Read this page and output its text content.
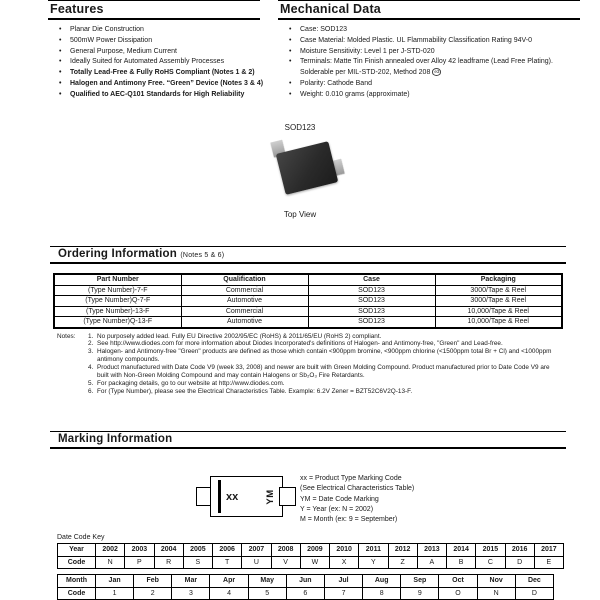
Features
•	Planar Die Construction
•	500mW Power Dissipation
•	General Purpose, Medium Current
•	Ideally Suited for Automated Assembly Processes
•	Totally Lead-Free & Fully RoHS Compliant (Notes 1 & 2)
•	Halogen and Antimony Free. “Green” Device (Notes 3 & 4)
•	Qualified to AEC-Q101 Standards for High Reliability
Mechanical Data
•	Case: SOD123
•	Case Material: Molded Plastic. UL Flammability Classification Rating 94V-0
•	Moisture Sensitivity: Level 1 per J-STD-020
•	Terminals: Matte Tin Finish annealed over Alloy 42 leadframe (Lead Free Plating). Solderable per MIL-STD-202, Method 208 e3
•	Polarity: Cathode Band
•	Weight: 0.010 grams (approximate)
SOD123
Top View
Ordering Information (Notes 5 & 6)
Part Number	Qualification	Case	Packaging
(Type Number)-7-F	Commercial	SOD123	3000/Tape & Reel
(Type Number)Q-7-F	Automotive	SOD123	3000/Tape & Reel
(Type Number)-13-F	Commercial	SOD123	10,000/Tape & Reel
(Type Number)Q-13-F	Automotive	SOD123	10,000/Tape & Reel
Notes:	1. No purposely added lead. Fully EU Directive 2002/95/EC (RoHS) & 2011/65/EU (RoHS 2) compliant.
2. See http://www.diodes.com for more information about Diodes Incorporated's definitions of Halogen- and Antimony-free, "Green" and Lead-free.
3. Halogen- and Antimony-free "Green" products are defined as those which contain <900ppm bromine, <900ppm chlorine (<1500ppm total Br + Cl) and <1000ppm antimony compounds.
4. Product manufactured with Date Code V9 (week 33, 2008) and newer are built with Green Molding Compound. Product manufactured prior to Date Code V9 are built with Non-Green Molding Compound and may contain Halogens or Sb₂O₃ Fire Retardants.
5. For packaging details, go to our website at http://www.diodes.com.
6. For (Type Number), please see the Electrical Characteristics Table. Example: 6.2V Zener = BZT52C6V2Q-13-F.
Marking Information
xx	YM
xx = Product Type Marking Code
(See Electrical Characteristics Table)
YM = Date Code Marking
Y = Year (ex: N = 2002)
M = Month (ex: 9 = September)
Date Code Key
Year	2002	2003	2004	2005	2006	2007	2008	2009	2010	2011	2012	2013	2014	2015	2016	2017
Code	N	P	R	S	T	U	V	W	X	Y	Z	A	B	C	D	E
Month	Jan	Feb	Mar	Apr	May	Jun	Jul	Aug	Sep	Oct	Nov	Dec
Code	1	2	3	4	5	6	7	8	9	O	N	D
